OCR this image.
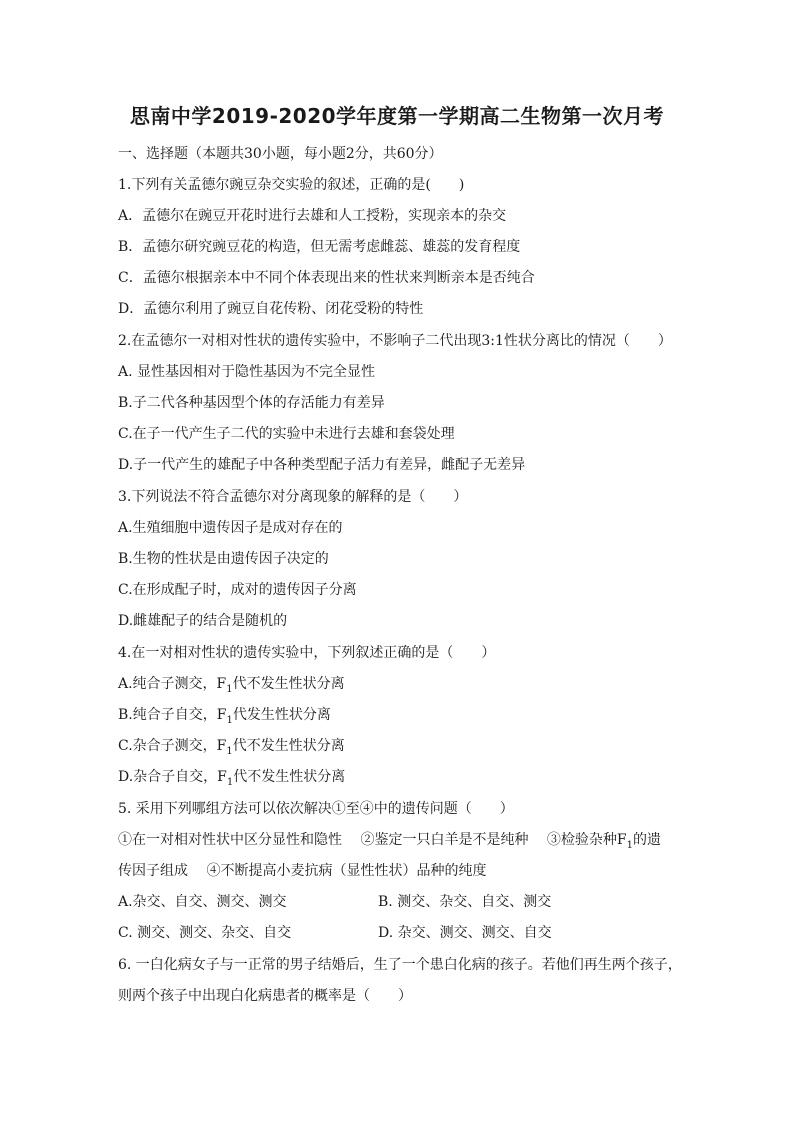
思南中学2019-2020学年度第一学期高二生物第一次月考
一、选择题（本题共30小题，每小题2分，共60分）
1.下列有关孟德尔豌豆杂交实验的叙述，正确的是(　　)
A．孟德尔在豌豆开花时进行去雄和人工授粉，实现亲本的杂交
B．孟德尔研究豌豆花的构造，但无需考虑雌蕊、雄蕊的发育程度
C．孟德尔根据亲本中不同个体表现出来的性状来判断亲本是否纯合
D．孟德尔利用了豌豆自花传粉、闭花受粉的特性
2.在孟德尔一对相对性状的遗传实验中，不影响子二代出现3:1性状分离比的情况（　　）
A. 显性基因相对于隐性基因为不完全显性
B.子二代各种基因型个体的存活能力有差异
C.在子一代产生子二代的实验中未进行去雄和套袋处理
D.子一代产生的雄配子中各种类型配子活力有差异，雌配子无差异
3.下列说法不符合孟德尔对分离现象的解释的是（　　）
A.生殖细胞中遗传因子是成对存在的
B.生物的性状是由遗传因子决定的
C.在形成配子时，成对的遗传因子分离
D.雌雄配子的结合是随机的
4.在一对相对性状的遗传实验中，下列叙述正确的是（　　）
A.纯合子测交，$F_1$代不发生性状分离
B.纯合子自交，$F_1$代发生性状分离
C.杂合子测交，$F_1$代不发生性状分离
D.杂合子自交，$F_1$代不发生性状分离
5. 采用下列哪组方法可以依次解决①至④中的遗传问题（　　）
①在一对相对性状中区分显性和隐性　 ②鉴定一只白羊是不是纯种　 ③检验杂种$F_1$的遗
传因子组成　 ④不断提高小麦抗病（显性性状）品种的纯度
A.杂交、自交、测交、测交	B. 测交、杂交、自交、测交
C. 测交、测交、杂交、自交	D. 杂交、测交、测交、自交
6. 一白化病女子与一正常的男子结婚后，生了一个患白化病的孩子。若他们再生两个孩子，
则两个孩子中出现白化病患者的概率是（　　）
